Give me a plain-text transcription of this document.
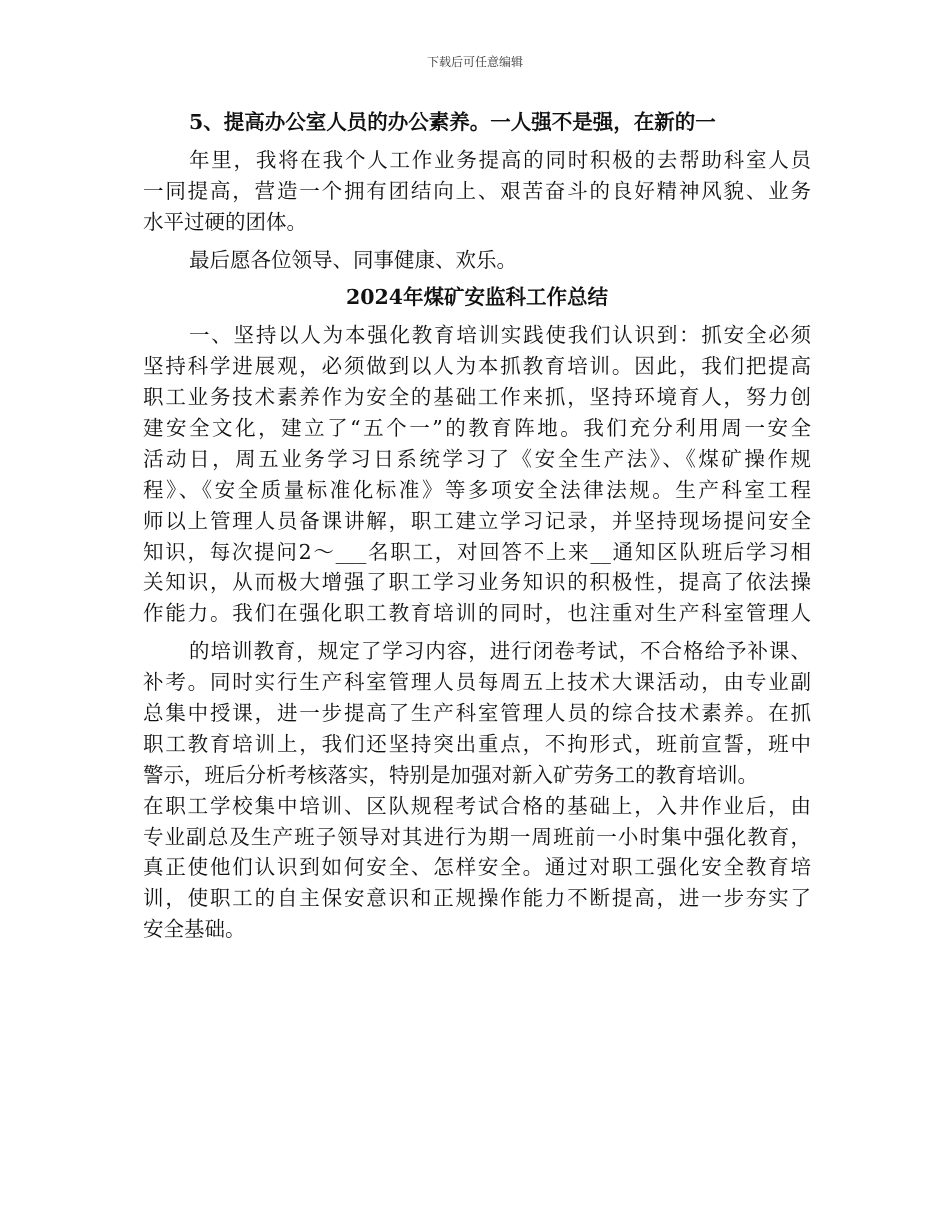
下载后可任意编辑
5、提高办公室人员的办公素养。一人强不是强，在新的一
年里，我将在我个人工作业务提高的同时积极的去帮助科室人员
一同提高，营造一个拥有团结向上、艰苦奋斗的良好精神风貌、业务
水平过硬的团体。
最后愿各位领导、同事健康、欢乐。
2024年煤矿安监科工作总结
一、坚持以人为本强化教育培训实践使我们认识到：抓安全必须
坚持科学进展观，必须做到以人为本抓教育培训。因此，我们把提高
职工业务技术素养作为安全的基础工作来抓，坚持环境育人，努力创
建安全文化，建立了“五个一”的教育阵地。我们充分利用周一安全
活动日，周五业务学习日系统学习了《安全生产法》、《煤矿操作规
程》、《安全质量标准化标准》等多项安全法律法规。生产科室工程
师以上管理人员备课讲解，职工建立学习记录，并坚持现场提问安全
知识，每次提问2～___名职工，对回答不上来__通知区队班后学习相
关知识，从而极大增强了职工学习业务知识的积极性，提高了依法操
作能力。我们在强化职工教育培训的同时，也注重对生产科室管理人
的培训教育，规定了学习内容，进行闭卷考试，不合格给予补课、
补考。同时实行生产科室管理人员每周五上技术大课活动，由专业副
总集中授课，进一步提高了生产科室管理人员的综合技术素养。在抓
职工教育培训上，我们还坚持突出重点，不拘形式，班前宣誓，班中
警示，班后分析考核落实，特别是加强对新入矿劳务工的教育培训。
在职工学校集中培训、区队规程考试合格的基础上，入井作业后，由
专业副总及生产班子领导对其进行为期一周班前一小时集中强化教育，
真正使他们认识到如何安全、怎样安全。通过对职工强化安全教育培
训，使职工的自主保安意识和正规操作能力不断提高，进一步夯实了
安全基础。
